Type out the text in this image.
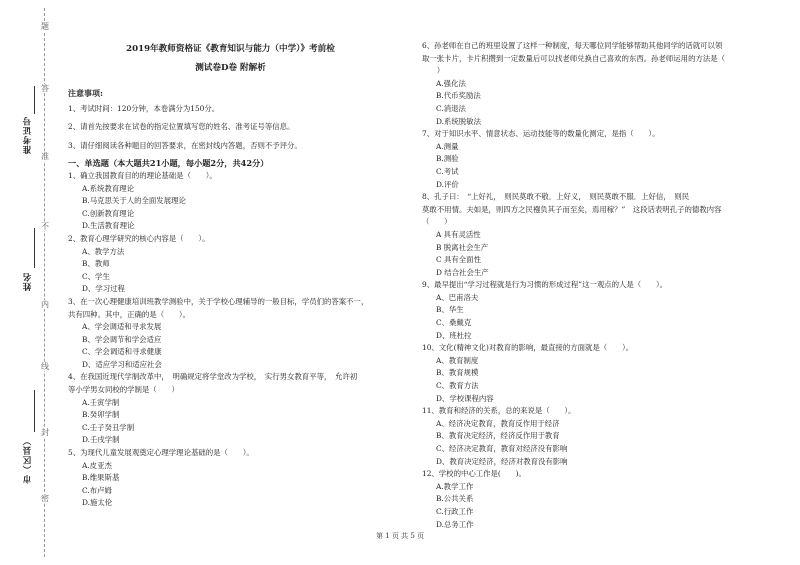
题
答
准
不
内
线
封
密
准考证号
姓名
市（区县）
2019年教师资格证《教育知识与能力（中学）》考前检
测试卷D卷 附解析
注意事项:
1、考试时间：120分钟，本卷满分为150分。
2、请首先按要求在试卷的指定位置填写您的姓名、准考证号等信息。
3、请仔细阅读各种题目的回答要求，在密封线内答题，否则不予评分。
一、单选题（本大题共21小题，每小题2分，共42分）
1、确立我国教育目的的理论基础是（　　）。
A.系统教育理论
B.马克思关于人的全面发展理论
C.创新教育理论
D.生活教育理论
2、教育心理学研究的核心内容是（　　）。
A、教学方法
B、教师
C、学生
D、学习过程
3、在一次心理健康培训班教学测验中，关于学校心理辅导的一般目标，学员们的答案不一，
共有四种。其中，正确的是（　　）。
A、学会调适和寻求发展
B、学会调节和学会适应
C、学会调适和寻求健康
D、适应学习和适应社会
4、在我国近现代学制改革中，　明确规定将学堂改为学校，　实行男女教育平等，　允许初
等小学男女同校的学制是（　　）
A.壬寅学制
B.癸卯学制
C.壬子癸丑学制
D.壬戌学制
5、为现代儿童发展观奠定心理学理论基础的是（　　）。
A.皮亚杰
B.维果斯基
C.布卢姆
D.施太伦
6、孙老师在自己的班里设置了这样一种制度，每天哪位同学能够帮助其他同学的话就可以领
取一张卡片，卡片积攒到一定数量后可以找老师兑换自己喜欢的东西。孙老师运用的方法是（
　　）
A.强化法
B.代币奖励法
C.消退法
D.系统脱敏法
7、对于知识水平、情意状态、运动技能等的数量化测定，是指（　　）。
A.测量
B.测验
C.考试
D.评价
8、孔子曰：　“上好礼，　则民莫敢不敬．上好义，　则民莫敢不服．上好信，　则民
莫敢不用情。夫如是，则四方之民襁负其子而至矣，焉用稼？”　这段话表明孔子的德教内容
（　　）
A 具有灵活性
B 脱离社会生产
C 具有全面性
D 结合社会生产
9、最早提出“学习过程就是行为习惯的形成过程”这一观点的人是（　　）。
A、巴甫洛夫
B、华生
C、桑戴克
D、班杜拉
10、文化(精神文化)对教育的影响，最直接的方面就是（　　）。
A、教育制度
B、教育规模
C、教育方法
D、学校课程内容
11、教育和经济的关系，总的来说是（　　）。
A、经济决定教育，教育反作用于经济
B、教育决定经济，经济反作用于教育
C、经济决定教育，教育对经济没有影响
D、教育决定经济，经济对教育没有影响
12、学校的中心工作是(　　)。
A.教学工作
B.公共关系
C.行政工作
D.总务工作
第 1 页 共 5 页
